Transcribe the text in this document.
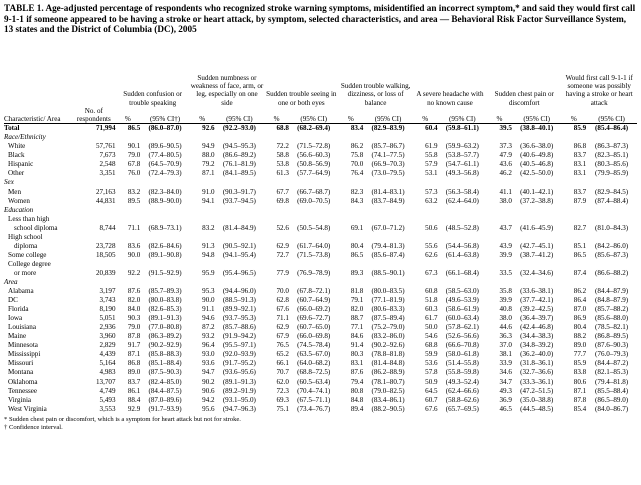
TABLE 1. Age-adjusted percentage of respondents who recognized stroke warning symptoms, misidentified an incorrect symptom,* and said they would first call 9-1-1 if someone appeared to be having a stroke or heart attack, by symptom, selected characteristics, and area — Behavioral Risk Factor Surveillance System, 13 states and the District of Columbia (DC), 2005

		Sudden confusion or trouble speaking		Sudden numbness or weakness of face, arm, or leg, especially on one side		Sudden trouble seeing in one or both eyes		Sudden trouble walking, dizziness, or loss of balance		A severe headache with no known cause		Sudden chest pain or discomfort		Would first call 9-1-1 if someone was possibly having a stroke or heart attack	

Characteristic/ Area	No. of respondents	%	(95% CI†)	%	(95% CI)	%	(95% CI)	%	(95% CI)	%	(95% CI)	%	(95% CI)	%	(95% CI)
Total	71,994	86.5	(86.0–87.0)	92.6	(92.2–93.0)	68.8	(68.2–69.4)	83.4	(82.9–83.9)	60.4	(59.8–61.1)	39.5	(38.8–40.1)	85.9	(85.4–86.4)
Race/Ethnicity															
White	57,761	90.1	(89.6–90.5)	94.9	(94.5–95.3)	72.2	(71.5–72.8)	86.2	(85.7–86.7)	61.9	(59.9–63.2)	37.3	(36.6–38.0)	86.8	(86.3–87.3)
Black	7,673	79.0	(77.4–80.5)	88.0	(86.6–89.2)	58.8	(56.6–60.3)	75.8	(74.1–77.5)	55.8	(53.8–57.7)	47.9	(40.6–49.8)	83.7	(82.3–85.1)
Hispanic	2,548	67.8	(64.5–70.9)	79.2	(76.1–81.9)	53.8	(50.8–56.9)	70.0	(66.9–70.3)	57.9	(54.7–61.1)	43.6	(40.5–46.8)	83.1	(80.3–85.6)
Other	3,351	76.0	(72.4–79.3)	87.1	(84.1–89.5)	61.3	(57.7–64.9)	76.4	(73.0–79.5)	53.1	(49.3–56.8)	46.2	(42.5–50.0)	83.1	(79.9–85.9)
Sex															
Men	27,163	83.2	(82.3–84.0)	91.0	(90.3–91.7)	67.7	(66.7–68.7)	82.3	(81.4–83.1)	57.3	(56.3–58.4)	41.1	(40.1–42.1)	83.7	(82.9–84.5)
Women	44,831	89.5	(88.9–90.0)	94.1	(93.7–94.5)	69.8	(69.0–70.5)	84.3	(83.7–84.9)	63.2	(62.4–64.0)	38.0	(37.2–38.8)	87.9	(87.4–88.4)
Education															

Less than high
school diploma	8,744	71.1	(68.9–73.1)	83.2	(81.4–84.9)	52.6	(50.5–54.8)	69.1	(67.0–71.2)	50.6	(48.5–52.8)	43.7	(41.6–45.9)	82.7	(81.0–84.3)

High school
diploma	23,728	83.6	(82.6–84.6)	91.3	(90.5–92.1)	62.9	(61.7–64.0)	80.4	(79.4–81.3)	55.6	(54.4–56.8)	43.9	(42.7–45.1)	85.1	(84.2–86.0)
Some college	18,505	90.0	(89.1–90.8)	94.8	(94.1–95.4)	72.7	(71.5–73.8)	86.5	(85.6–87.4)	62.6	(61.4–63.8)	39.9	(38.7–41.2)	86.5	(85.6–87.3)

College degree
or more	20,839	92.2	(91.5–92.9)	95.9	(95.4–96.5)	77.9	(76.9–78.9)	89.3	(88.5–90.1)	67.3	(66.1–68.4)	33.5	(32.4–34.6)	87.4	(86.6–88.2)
Area															
Alabama	3,197	87.6	(85.7–89.3)	95.3	(94.4–96.0)	70.0	(67.8–72.1)	81.8	(80.0–83.5)	60.8	(58.5–63.0)	35.8	(33.6–38.1)	86.2	(84.4–87.9)
DC	3,743	82.0	(80.0–83.8)	90.0	(88.5–91.3)	62.8	(60.7–64.9)	79.1	(77.1–81.9)	51.8	(49.6–53.9)	39.9	(37.7–42.1)	86.4	(84.8–87.9)
Florida	8,190	84.0	(82.6–85.3)	91.1	(89.9–92.1)	67.6	(66.0–69.2)	82.0	(80.6–83.3)	60.3	(58.6–61.9)	40.8	(39.2–42.5)	87.0	(85.7–88.2)
Iowa	5,051	90.3	(89.1–91.3)	94.6	(93.7–95.3)	71.1	(69.6–72.7)	88.7	(87.5–89.4)	61.7	(60.0–63.4)	38.0	(36.4–39.7)	86.9	(85.6–88.0)
Louisiana	2,936	79.0	(77.0–80.8)	87.2	(85.7–88.6)	62.9	(60.7–65.0)	77.1	(75.2–79.0)	50.0	(57.8–62.1)	44.6	(42.4–46.8)	80.4	(78.5–82.1)
Maine	3,960	87.8	(86.3–89.2)	93.2	(91.9–94.2)	67.9	(66.0–69.8)	84.6	(83.2–86.0)	54.6	(52.6–56.6)	36.3	(34.4–38.3)	88.2	(86.8–89.5)
Minnesota	2,829	91.7	(90.2–92.9)	96.4	(95.5–97.1)	76.5	(74.5–78.4)	91.4	(90.2–92.6)	68.8	(66.6–70.8)	37.0	(34.8–39.2)	89.0	(87.6–90.3)
Mississippi	4,439	87.1	(85.8–88.3)	93.0	(92.0–93.9)	65.2	(63.5–67.0)	80.3	(78.8–81.8)	59.9	(58.0–61.8)	38.1	(36.2–40.0)	77.7	(76.0–79.3)
Missouri	5,164	86.8	(85.1–88.4)	93.6	(91.7–95.2)	66.1	(64.0–68.2)	83.1	(81.4–84.8)	53.6	(51.4–55.8)	33.9	(31.8–36.1)	85.9	(84.4–87.2)
Montana	4,983	89.0	(87.5–90.3)	94.7	(93.6–95.6)	70.7	(68.8–72.5)	87.6	(86.2–88.9)	57.8	(55.8–59.8)	34.6	(32.7–36.6)	83.8	(82.1–85.3)
Oklahoma	13,707	83.7	(82.4–85.0)	90.2	(89.1–91.3)	62.0	(60.5–63.4)	79.4	(78.1–80.7)	50.9	(49.3–52.4)	34.7	(33.3–36.1)	80.6	(79.4–81.8)
Tennessee	4,749	86.1	(84.4–87.5)	90.6	(89.2–91.9)	72.3	(70.4–74.1)	80.8	(79.0–82.5)	64.5	(62.4–66.6)	49.3	(47.2–51.5)	87.1	(85.5–88.4)
Virginia	5,493	88.4	(87.0–89.6)	94.2	(93.1–95.0)	69.3	(67.5–71.1)	84.8	(83.4–86.1)	60.7	(58.8–62.6)	36.9	(35.0–38.8)	87.8	(86.5–89.0)
West Virginia	3,553	92.9	(91.7–93.9)	95.6	(94.7–96.3)	75.1	(73.4–76.7)	89.4	(88.2–90.5)	67.6	(65.7–69.5)	46.5	(44.5–48.5)	85.4	(84.0–86.7)
* Sudden chest pain or discomfort, which is a symptom for heart attack but not for stroke.
† Confidence interval.
